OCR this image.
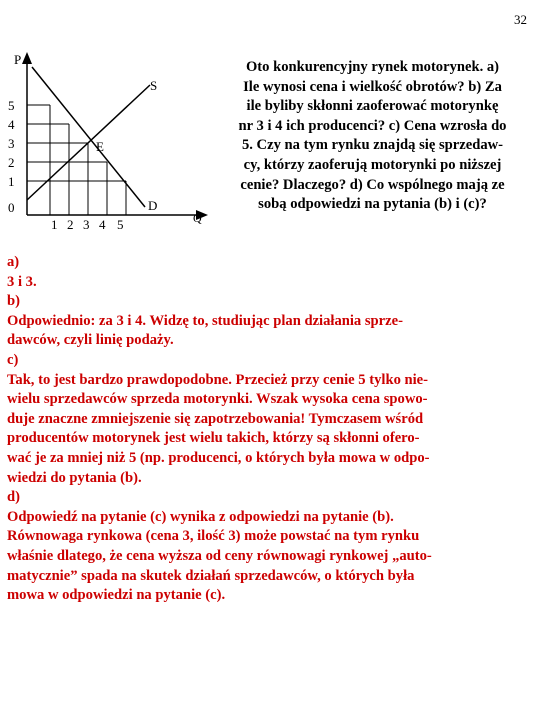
32
P
S
D
E
5
4
3
2
1
0
1 2 3 4 5	Q
Oto konkurencyjny rynek motorynek. a)
Ile wynosi cena i wielkość obrotów? b) Za
ile byliby skłonni zaoferować motorynkę
nr 3 i 4 ich producenci? c) Cena wzrosła do
5. Czy na tym rynku znajdą się sprzedaw-
cy, którzy zaoferują motorynki po niższej
cenie? Dlaczego? d) Co wspólnego mają ze
sobą odpowiedzi na pytania (b) i (c)?
a)
3 i 3.
b)
Odpowiednio: za 3 i 4. Widzę to, studiując plan działania sprze-
dawców, czyli linię podaży.
c)
Tak, to jest bardzo prawdopodobne. Przecież przy cenie 5 tylko nie-
wielu sprzedawców sprzeda motorynki. Wszak wysoka cena spowo-
duje znaczne zmniejszenie się zapotrzebowania! Tymczasem wśród
producentów motorynek jest wielu takich, którzy są skłonni ofero-
wać je za mniej niż 5 (np. producenci, o których była mowa w odpo-
wiedzi do pytania (b).
d)
Odpowiedź na pytanie (c) wynika z odpowiedzi na pytanie (b).
Równowaga rynkowa (cena 3, ilość 3) może powstać na tym rynku
właśnie dlatego, że cena wyższa od ceny równowagi rynkowej „auto-
matycznie” spada na skutek działań sprzedawców, o których była
mowa w odpowiedzi na pytanie (c).
